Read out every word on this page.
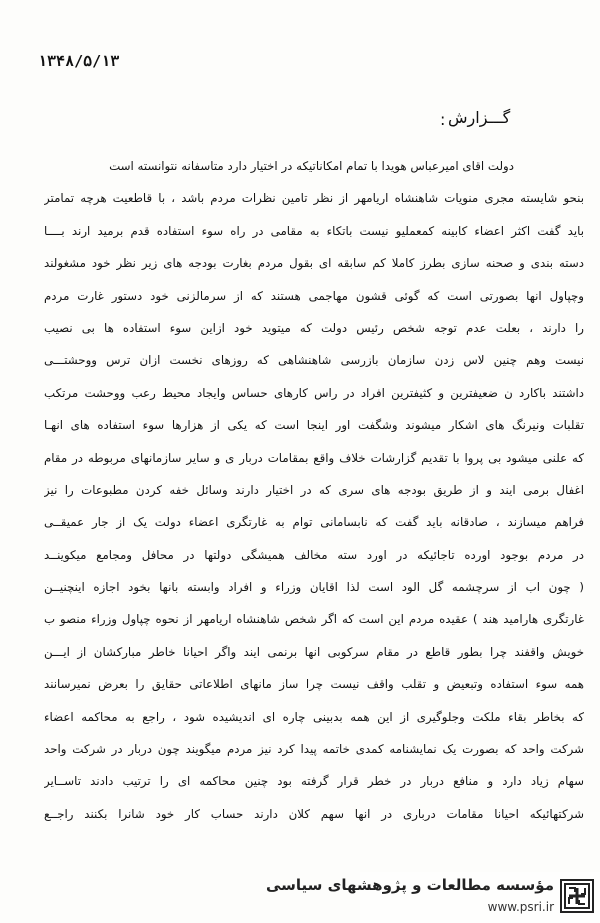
۱۳۴۸/۵/۱۳
گـــزارش
:
دولت اقای امیرعباس هویدا با تمام امکاناتیکه در اختیار دارد متاسفانه نتوانسته است
بنحو شایسته مجری منویات شاهنشاه اریامهر از نظر تامین نظرات مردم باشد ، با قاطعیت هرچه تمامتر
باید گفت اکثر اعضاء کابینه کمعملیو نیست باتکاء به مقامی در راه سوء استفاده قدم برمید ارند بــــا
دسته بندی و صحنه سازی بطرز کاملا کم سابقه ای بقول مردم بغارت بودجه های زیر نظر خود مشغولند
وچپاول انها بصورتی است که گوئی قشون مهاجمی هستند که از سرمالزنی خود دستور غارت مردم
را دارند ، بعلت عدم توجه شخص رئیس دولت که میتوید خود ازاین سوء استفاده ها بی نصیب
نیست وهم چنین لاس زدن سازمان بازرسی شاهنشاهی که روزهای نخست ازان ترس ووحشتـــی
داشتند باکارد ن ضعیفترین و کثیفترین افراد در راس کارهای حساس وایجاد محیط رعب ووحشت مرتکب
تقلبات ونیرنگ های اشکار میشوند وشگفت اور اینجا است که یکی از هزارها سوء استفاده های انهـا
که علنی میشود بی پروا با تقدیم گزارشات خلاف واقع بمقامات دربار ی و سایر سازمانهای مربوطه در مقام
اغفال برمی ایند و از طریق بودجه های سری که در اختیار دارند وسائل خفه کردن مطبوعات را نیز
فراهم میسازند ، صادقانه باید گفت که نابسامانی توام به غارتگری اعضاء دولت یک از جار عمیقــی
در مردم بوجود اورده تاجائیکه در اورد سته مخالف همیشگی دولتها در محافل ومجامع میکوینــد
( چون اب از سرچشمه گل الود است لذا اقایان وزراء و افراد وابسته بانها بخود اجازه اینچنیــن
غارتگری هارامید هند ) عقیده مردم این است که اگر شخص شاهنشاه اریامهر از نحوه چپاول وزراء منصو ب
خویش واقفند چرا بطور قاطع در مقام سرکوبی انها برنمی ایند واگر احیانا خاطر مبارکشان از ایـــن
همه سوء استفاده وتبعیض و تقلب واقف نیست چرا ساز مانهای اطلاعاتی حقایق را بعرض نمیرسانند
که بخاطر بقاء ملکت وجلوگیری از این همه بدبینی چاره ای اندیشیده شود ، راجع به محاکمه اعضاء
شرکت واحد که بصورت یک نمایشنامه کمدی خاتمه پیدا کرد نیز مردم میگویند چون دربار در شرکت واحد
سهام زیاد دارد و منافع دربار در خطر قرار گرفته بود چنین محاکمه ای را ترتیب دادند تاســایر
شرکتهائیکه احیانا مقامات درباری در انها سهم کلان دارند حساب کار خود شانرا بکنند راجــع
مؤسسه مطالعات و پژوهشهای سیاسی
www.psri.ir
